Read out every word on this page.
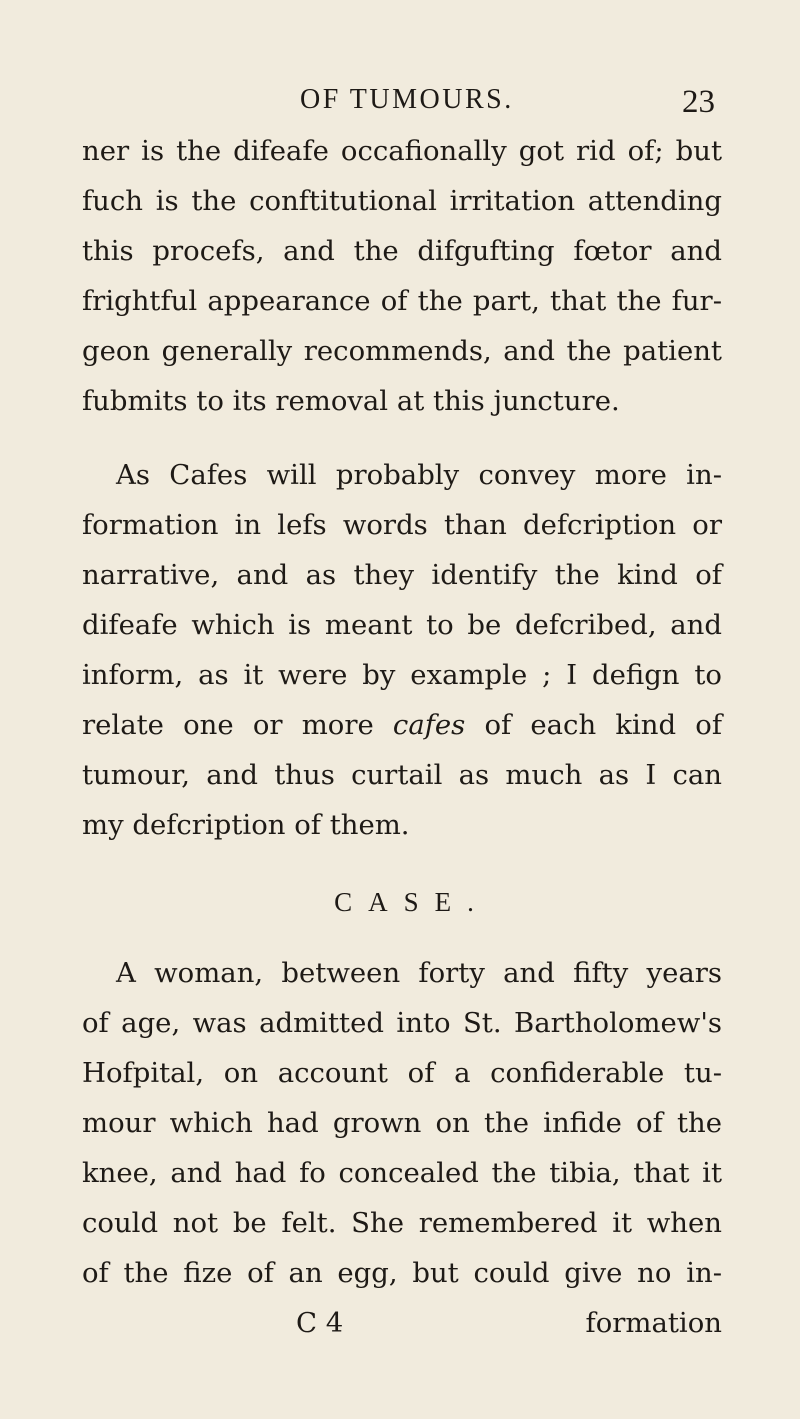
OF TUMOURS.	23
ner is the difeafe occafionally got rid of; but
fuch is the conftitutional irritation attending
this procefs, and the difgufting fœtor and
frightful appearance of the part, that the fur-
geon generally recommends, and the patient
fubmits to its removal at this juncture.
As Cafes will probably convey more in-
formation in lefs words than defcription or
narrative, and as they identify the kind of
difeafe which is meant to be defcribed, and
inform, as it were by example ; I defign to
relate one or more cafes of each kind of
tumour, and thus curtail as much as I can
my defcription of them.
CASE.
A woman, between forty and fifty years
of age, was admitted into St. Bartholomew's
Hofpital, on account of a confiderable tu-
mour which had grown on the infide of the
knee, and had fo concealed the tibia, that it
could not be felt. She remembered it when
of the fize of an egg, but could give no in-
C 4	formation
